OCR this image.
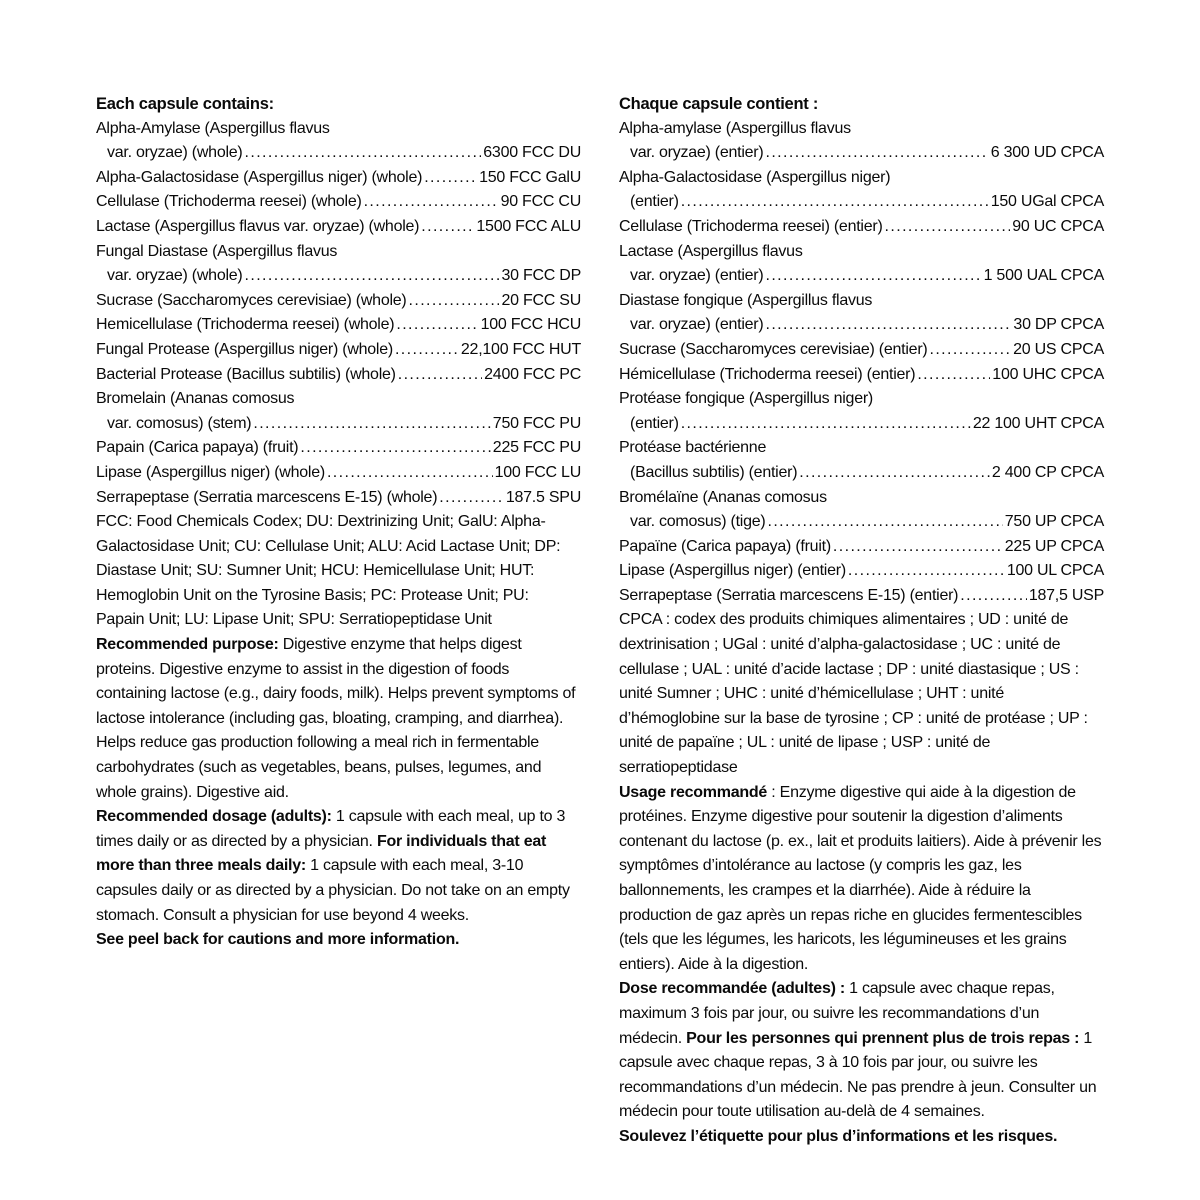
Each capsule contains:

Alpha-Amylase (Aspergillus flavus
var. oryzae) (whole) .....	6300 FCC DU
Alpha-Galactosidase (Aspergillus niger) (whole) .....	150 FCC GalU
Cellulase (Trichoderma reesei) (whole) .....	90 FCC CU
Lactase (Aspergillus flavus var. oryzae) (whole) .....	1500 FCC ALU
Fungal Diastase (Aspergillus flavus
var. oryzae) (whole) .....	30 FCC DP
Sucrase (Saccharomyces cerevisiae) (whole) .....	20 FCC SU
Hemicellulase (Trichoderma reesei) (whole) .....	100 FCC HCU
Fungal Protease (Aspergillus niger) (whole) .....	22,100 FCC HUT
Bacterial Protease (Bacillus subtilis) (whole) .....	2400 FCC PC
Bromelain (Ananas comosus
var. comosus) (stem) .....	750 FCC PU
Papain (Carica papaya) (fruit) .....	225 FCC PU
Lipase (Aspergillus niger) (whole) .....	100 FCC LU
Serrapeptase (Serratia marcescens E-15) (whole) .....	187.5 SPU

FCC: Food Chemicals Codex; DU: Dextrinizing Unit; GalU: Alpha-Galactosidase Unit; CU: Cellulase Unit; ALU: Acid Lactase Unit; DP: Diastase Unit; SU: Sumner Unit; HCU: Hemicellulase Unit; HUT: Hemoglobin Unit on the Tyrosine Basis; PC: Protease Unit; PU: Papain Unit; LU: Lipase Unit; SPU: Serratiopeptidase Unit

Recommended purpose: Digestive enzyme that helps digest proteins. Digestive enzyme to assist in the digestion of foods containing lactose (e.g., dairy foods, milk). Helps prevent symptoms of lactose intolerance (including gas, bloating, cramping, and diarrhea). Helps reduce gas production following a meal rich in fermentable carbohydrates (such as vegetables, beans, pulses, legumes, and whole grains). Digestive aid.

Recommended dosage (adults): 1 capsule with each meal, up to 3 times daily or as directed by a physician. For individuals that eat more than three meals daily: 1 capsule with each meal, 3-10 capsules daily or as directed by a physician. Do not take on an empty stomach. Consult a physician for use beyond 4 weeks.

See peel back for cautions and more information.

Chaque capsule contient :

Alpha-amylase (Aspergillus flavus
var. oryzae) (entier) .....	6 300 UD CPCA
Alpha-Galactosidase (Aspergillus niger)
(entier) .....	150 UGal CPCA
Cellulase (Trichoderma reesei) (entier) .....	90 UC CPCA
Lactase (Aspergillus flavus
var. oryzae) (entier) .....	1 500 UAL CPCA
Diastase fongique (Aspergillus flavus
var. oryzae) (entier) .....	30 DP CPCA
Sucrase (Saccharomyces cerevisiae) (entier) .....	20 US CPCA
Hémicellulase (Trichoderma reesei) (entier) .....	100 UHC CPCA
Protéase fongique (Aspergillus niger)
(entier) .....	22 100 UHT CPCA
Protéase bactérienne
(Bacillus subtilis) (entier) .....	2 400 CP CPCA
Bromélaïne (Ananas comosus
var. comosus) (tige) .....	750 UP CPCA
Papaïne (Carica papaya) (fruit) .....	225 UP CPCA
Lipase (Aspergillus niger) (entier) .....	100 UL CPCA
Serrapeptase (Serratia marcescens E-15) (entier) .....	187,5 USP

CPCA : codex des produits chimiques alimentaires ; UD : unité de dextrinisation ; UGal : unité d’alpha-galactosidase ; UC : unité de cellulase ; UAL : unité d’acide lactase ; DP : unité diastasique ; US : unité Sumner ; UHC : unité d’hémicellulase ; UHT : unité d’hémoglobine sur la base de tyrosine ; CP : unité de protéase ; UP : unité de papaïne ; UL : unité de lipase ; USP : unité de serratiopeptidase

Usage recommandé : Enzyme digestive qui aide à la digestion de protéines. Enzyme digestive pour soutenir la digestion d’aliments contenant du lactose (p. ex., lait et produits laitiers). Aide à prévenir les symptômes d’intolérance au lactose (y compris les gaz, les ballonnements, les crampes et la diarrhée). Aide à réduire la production de gaz après un repas riche en glucides fermentescibles (tels que les légumes, les haricots, les légumineuses et les grains entiers). Aide à la digestion.

Dose recommandée (adultes) : 1 capsule avec chaque repas, maximum 3 fois par jour, ou suivre les recommandations d’un médecin. Pour les personnes qui prennent plus de trois repas : 1 capsule avec chaque repas, 3 à 10 fois par jour, ou suivre les recommandations d’un médecin. Ne pas prendre à jeun. Consulter un médecin pour toute utilisation au-delà de 4 semaines.

Soulevez l’étiquette pour plus d’informations et les risques.
